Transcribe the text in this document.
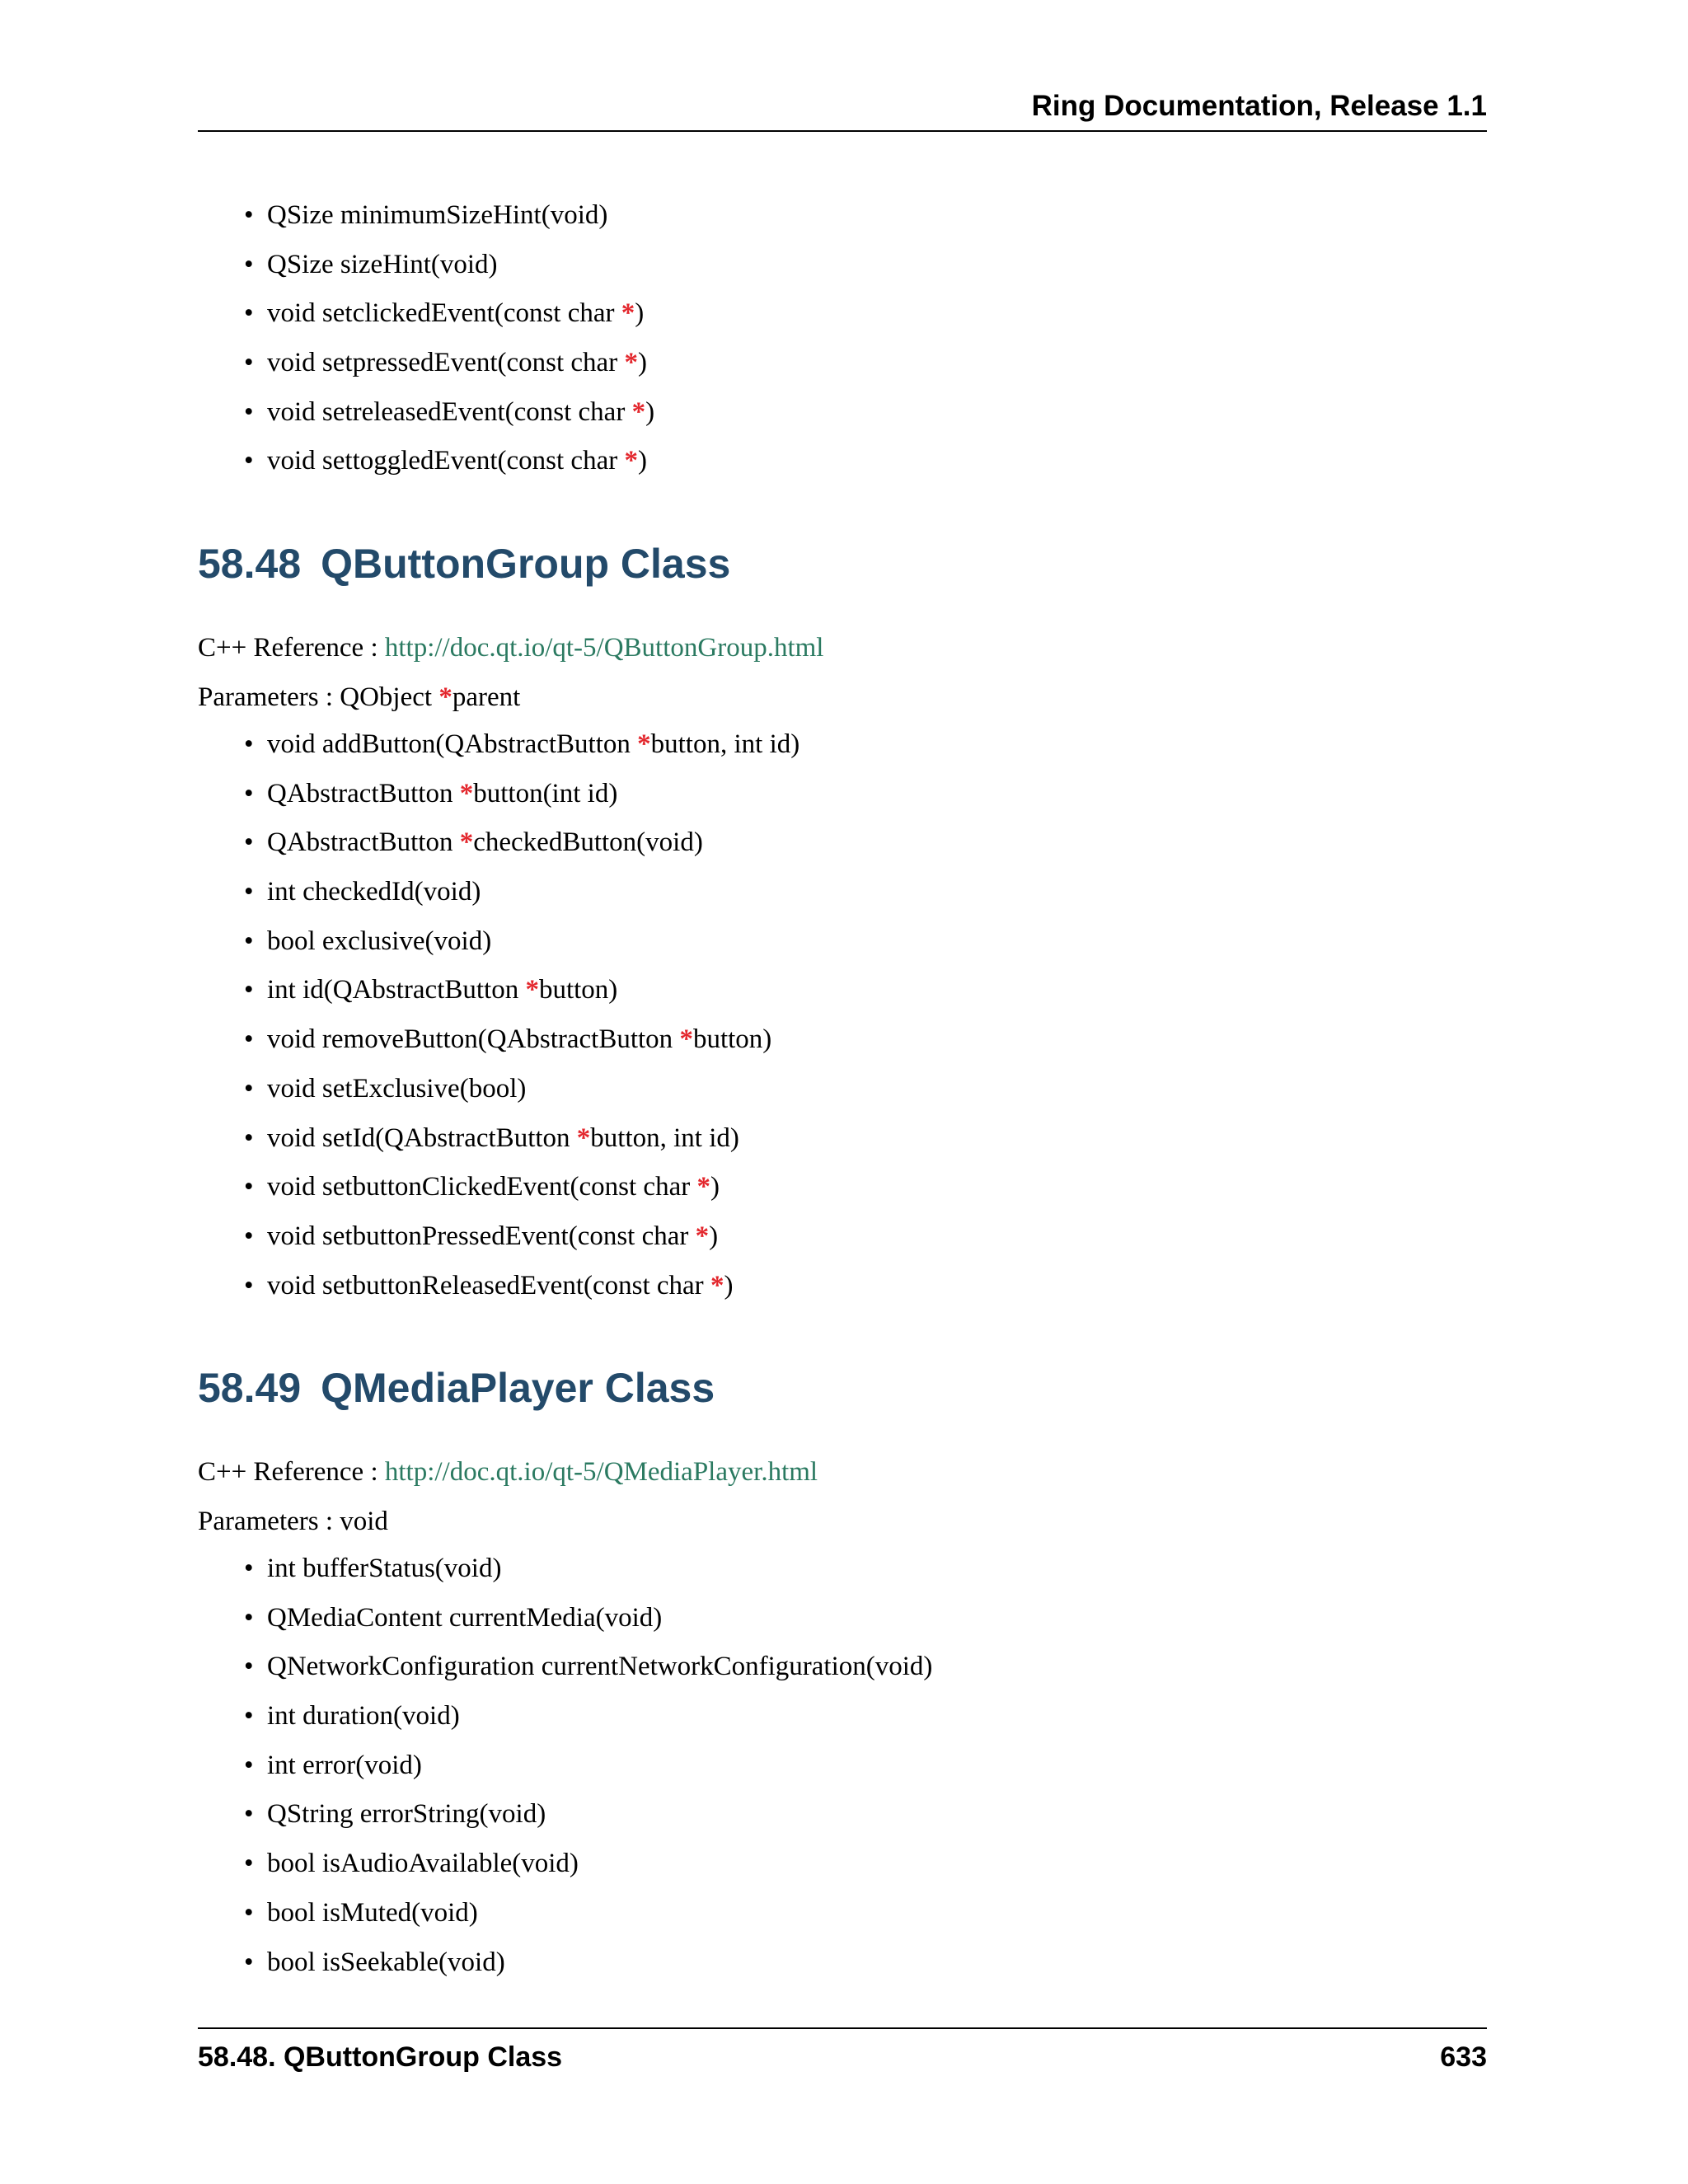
Ring Documentation, Release 1.1
• QSize minimumSizeHint(void)
• QSize sizeHint(void)
• void setclickedEvent(const char *)
• void setpressedEvent(const char *)
• void setreleasedEvent(const char *)
• void settoggledEvent(const char *)
58.48 QButtonGroup Class
C++ Reference : http://doc.qt.io/qt-5/QButtonGroup.html
Parameters : QObject *parent
• void addButton(QAbstractButton *button, int id)
• QAbstractButton *button(int id)
• QAbstractButton *checkedButton(void)
• int checkedId(void)
• bool exclusive(void)
• int id(QAbstractButton *button)
• void removeButton(QAbstractButton *button)
• void setExclusive(bool)
• void setId(QAbstractButton *button, int id)
• void setbuttonClickedEvent(const char *)
• void setbuttonPressedEvent(const char *)
• void setbuttonReleasedEvent(const char *)
58.49 QMediaPlayer Class
C++ Reference : http://doc.qt.io/qt-5/QMediaPlayer.html
Parameters : void
• int bufferStatus(void)
• QMediaContent currentMedia(void)
• QNetworkConfiguration currentNetworkConfiguration(void)
• int duration(void)
• int error(void)
• QString errorString(void)
• bool isAudioAvailable(void)
• bool isMuted(void)
• bool isSeekable(void)
58.48. QButtonGroup Class	633
